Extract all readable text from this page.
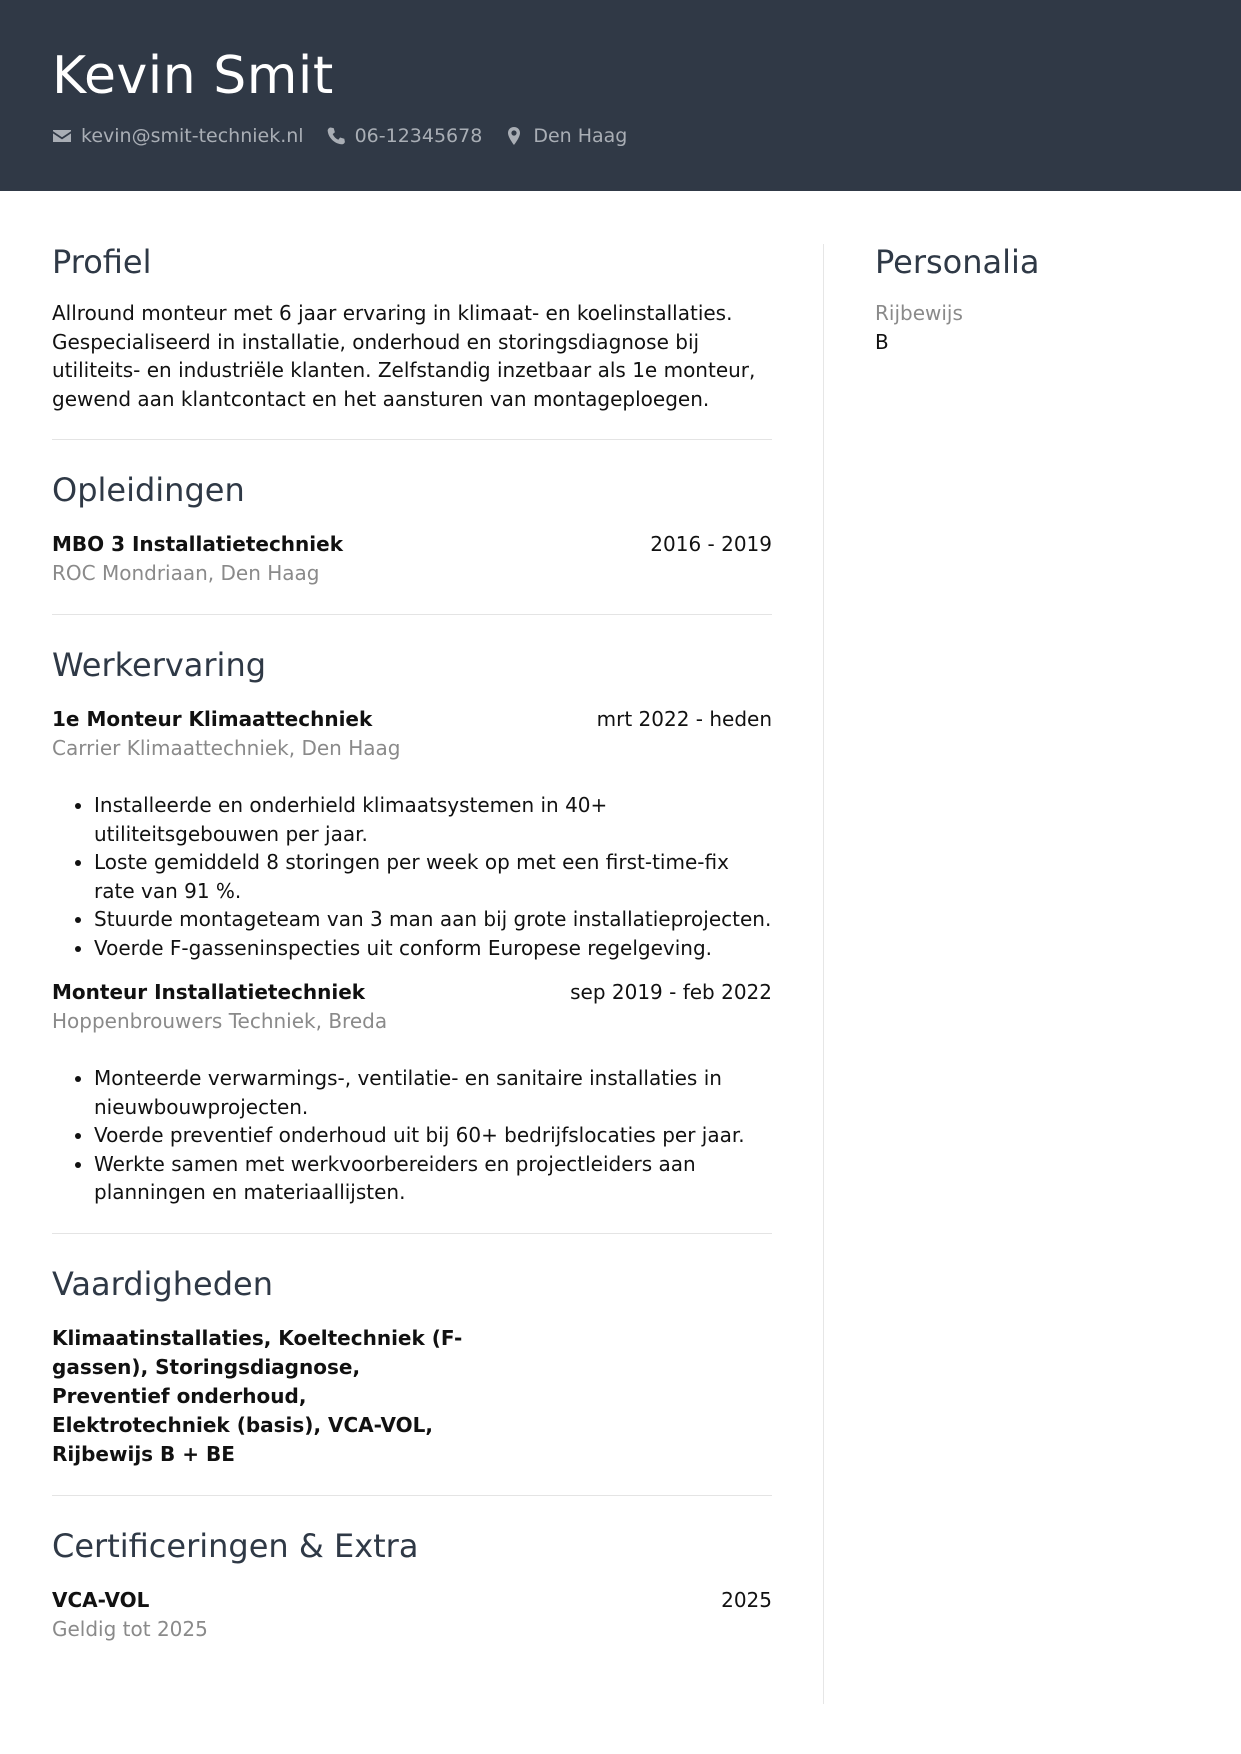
Kevin Smit
kevin@smit-techniek.nl	06-12345678	Den Haag
Profiel
Allround monteur met 6 jaar ervaring in klimaat- en koelinstallaties. Gespecialiseerd in installatie, onderhoud en storingsdiagnose bij utiliteits- en industriële klanten. Zelfstandig inzetbaar als 1e monteur, gewend aan klantcontact en het aansturen van montageploegen.
Opleidingen
MBO 3 Installatietechniek	2016 - 2019
ROC Mondriaan, Den Haag
Werkervaring
1e Monteur Klimaattechniek	mrt 2022 - heden
Carrier Klimaattechniek, Den Haag
• Installeerde en onderhield klimaatsystemen in 40+ utiliteitsgebouwen per jaar.
• Loste gemiddeld 8 storingen per week op met een first-time-fix rate van 91 %.
• Stuurde montageteam van 3 man aan bij grote installatieprojecten.
• Voerde F-gasseninspecties uit conform Europese regelgeving.
Monteur Installatietechniek	sep 2019 - feb 2022
Hoppenbrouwers Techniek, Breda
• Monteerde verwarmings-, ventilatie- en sanitaire installaties in nieuwbouwprojecten.
• Voerde preventief onderhoud uit bij 60+ bedrijfslocaties per jaar.
• Werkte samen met werkvoorbereiders en projectleiders aan planningen en materiaallijsten.
Vaardigheden
Klimaatinstallaties, Koeltechniek (F-gassen), Storingsdiagnose, Preventief onderhoud, Elektrotechniek (basis), VCA-VOL, Rijbewijs B + BE
Certificeringen & Extra
VCA-VOL	2025
Geldig tot 2025
Personalia
Rijbewijs
B
